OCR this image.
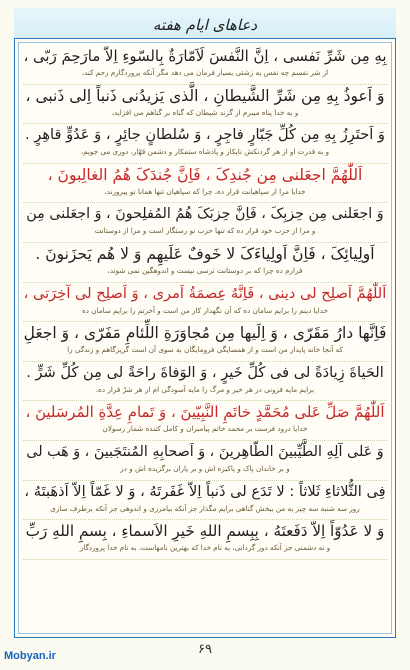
دعاهای ایام هفته
بِهِ مِن شَرِّ نَفسی ، اِنَّ النَّفسَ لَاَمّارَةٌ بِالسّوءِ اِلاّ مارَحِمَ رَبّی ،
از شر نفسم چه نفس به زشتی بسیار فرمان می دهد مگر آنکه پروردگارم رحم کند،
وَ اَعوذُ بِهِ مِن شَرِّ الشَّیطانِ ، الَّذی یَزیدُنی ذَنباً اِلی ذَنبی ،
و به خدا پناه میبرم از گزند شیطان که گناه بر گناهم می افزاید،
وَ اَحتَرِزُ بِهِ مِن کُلِّ جَبّارٍ فاجِرٍ ، وَ سُلطانٍ جائِرٍ ، وَ عَدُوٍّ قاهِرٍ .
و به قدرت او از هر گردنکش نابکار و پادشاه ستمکار و دشمن قهّار، دوری می جویم،
اَللّٰهُمَّ اجعَلنی مِن جُندِکَ ، فَاِنَّ جُندَکَ هُمُ الغالِبونَ ،
خدایا مرا از سپاهیانت قرار ده، چرا که سپاهیان تنها همانا تو پیروزند،
وَ اجعَلنی مِن حِزبِکَ ، فَاِنَّ حِزبَکَ هُمُ المُفلِحونَ ، وَ اجعَلنی مِن
و مرا از حزب خود قرار ده که تنها حزب تو رستگار است و مرا از دوستانت
اَولِیائِکَ ، فَاِنَّ اَولِیاءَکَ لا خَوفٌ عَلَیهِم وَ لا هُم یَحزَنونَ .
قرارم ده چرا که بر دوستانت ترسی نیست و اندوهگین نمی شوند،
اَللّٰهُمَّ اَصلِح لی دینی ، فَاِنَّهُ عِصمَةُ اَمری ، وَ اَصلِح لی آخِرَتی ،
خدایا دینم را برایم سامان ده که آن نگهدار کار من است و آخرتم را برایم سامان ده
فَاِنَّها دارُ مَقَرّی ، وَ اِلَیها مِن مُجاوَرَةِ اللِّئامِ مَفَرّی ، وَ اجعَلِ
که آنجا خانه پایدار من است و از همسایگی فرومایگان به سوی آن است گریزگاهم و زندگی را
الحَیاةَ زِیادَةً لی فی کُلِّ خَیرٍ ، وَ الوَفاةَ راحَةً لی مِن کُلِّ شَرٍّ .
برایم مایه فزونی در هر خیر و مرگ را مایه آسودگی ام از هر شرّ قرار ده،
اَللّٰهُمَّ صَلِّ عَلی مُحَمَّدٍ خاتَمِ النَّبِیّینَ ، وَ تَمامِ عِدَّةِ المُرسَلینَ ،
خدایا درود فرست بر محمد خاتم پیامبران و کامل کننده شمار رسولان
وَ عَلی آلِهِ الطَّیِّبینَ الطّاهِرینَ ، وَ اَصحابِهِ المُنتَجَبینَ ، وَ هَب لی
و بر خاندان پاک و پاکیزه اش و بر یاران برگزیده اش و در
فِی الثُّلاثاءِ ثَلاثاً : لا تَدَع لی ذَنباً اِلاّ غَفَرتَهُ ، وَ لا غَمّاً اِلاّ اَذهَبتَهُ ،
روز سه شنبه سه چیز به من ببخش گناهی برایم مگذار جز آنکه بیامرزی و اندوهی جز آنکه برطرف سازی
وَ لا عَدُوّاً اِلاّ دَفَعتَهُ ، بِبِسمِ اللهِ خَیرِ الاَسماءِ ، بِسمِ اللهِ رَبِّ
و نه دشمنی جز آنکه دور گردانی، به نام خدا که بهترین نامهاست، به نام خدا پروردگار
۶۹
Mobyan.ir
